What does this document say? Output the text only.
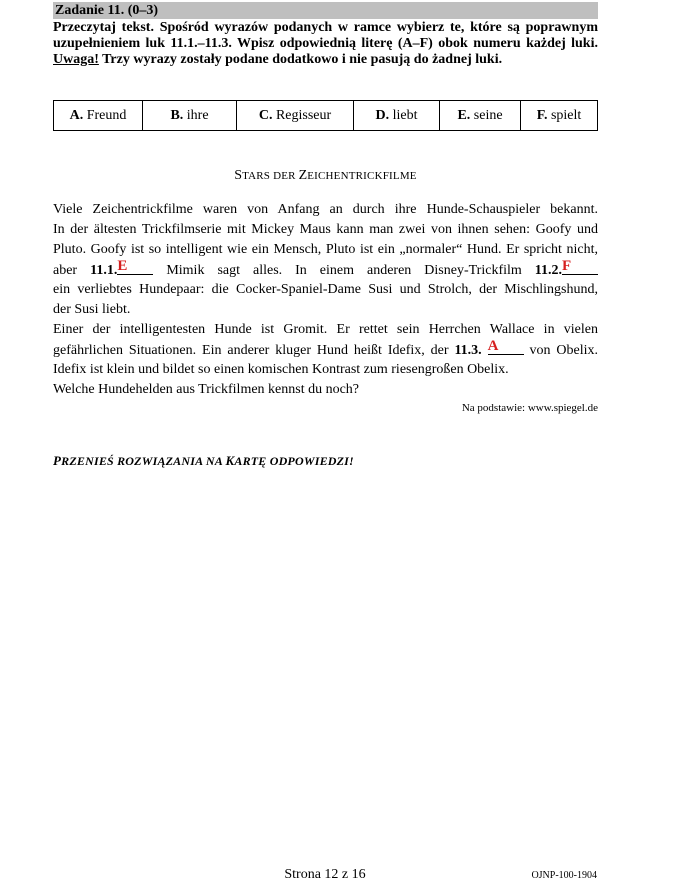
Zadanie 11. (0–3)
Przeczytaj tekst. Spośród wyrazów podanych w ramce wybierz te, które są poprawnym
uzupełnieniem luk 11.1.–11.3. Wpisz odpowiednią literę (A–F) obok numeru każdej luki.
Uwaga! Trzy wyrazy zostały podane dodatkowo i nie pasują do żadnej luki.
A. Freund	B. ihre	C. Regisseur	D. liebt	E. seine	F. spielt
STARS DER ZEICHENTRICKFILME
Viele Zeichentrickfilme waren von Anfang an durch ihre Hunde-Schauspieler bekannt.
In der ältesten Trickfilmserie mit Mickey Maus kann man zwei von ihnen sehen: Goofy und
Pluto. Goofy ist so intelligent wie ein Mensch, Pluto ist ein „normaler“ Hund. Er spricht nicht,
aber 11.1.E	Mimik sagt alles. In einem anderen Disney-Trickfilm 11.2.F
ein verliebtes Hundepaar: die Cocker-Spaniel-Dame Susi und Strolch, der Mischlingshund,
der Susi liebt.
Einer der intelligentesten Hunde ist Gromit. Er rettet sein Herrchen Wallace in vielen
gefährlichen Situationen. Ein anderer kluger Hund heißt Idefix, der 11.3. A von Obelix.
Idefix ist klein und bildet so einen komischen Kontrast zum riesengroßen Obelix.
Welche Hundehelden aus Trickfilmen kennst du noch?
Na podstawie: www.spiegel.de
PRZENIEŚ ROZWIĄZANIA NA KARTĘ ODPOWIEDZI!
Strona 12 z 16	OJNP-100-1904
